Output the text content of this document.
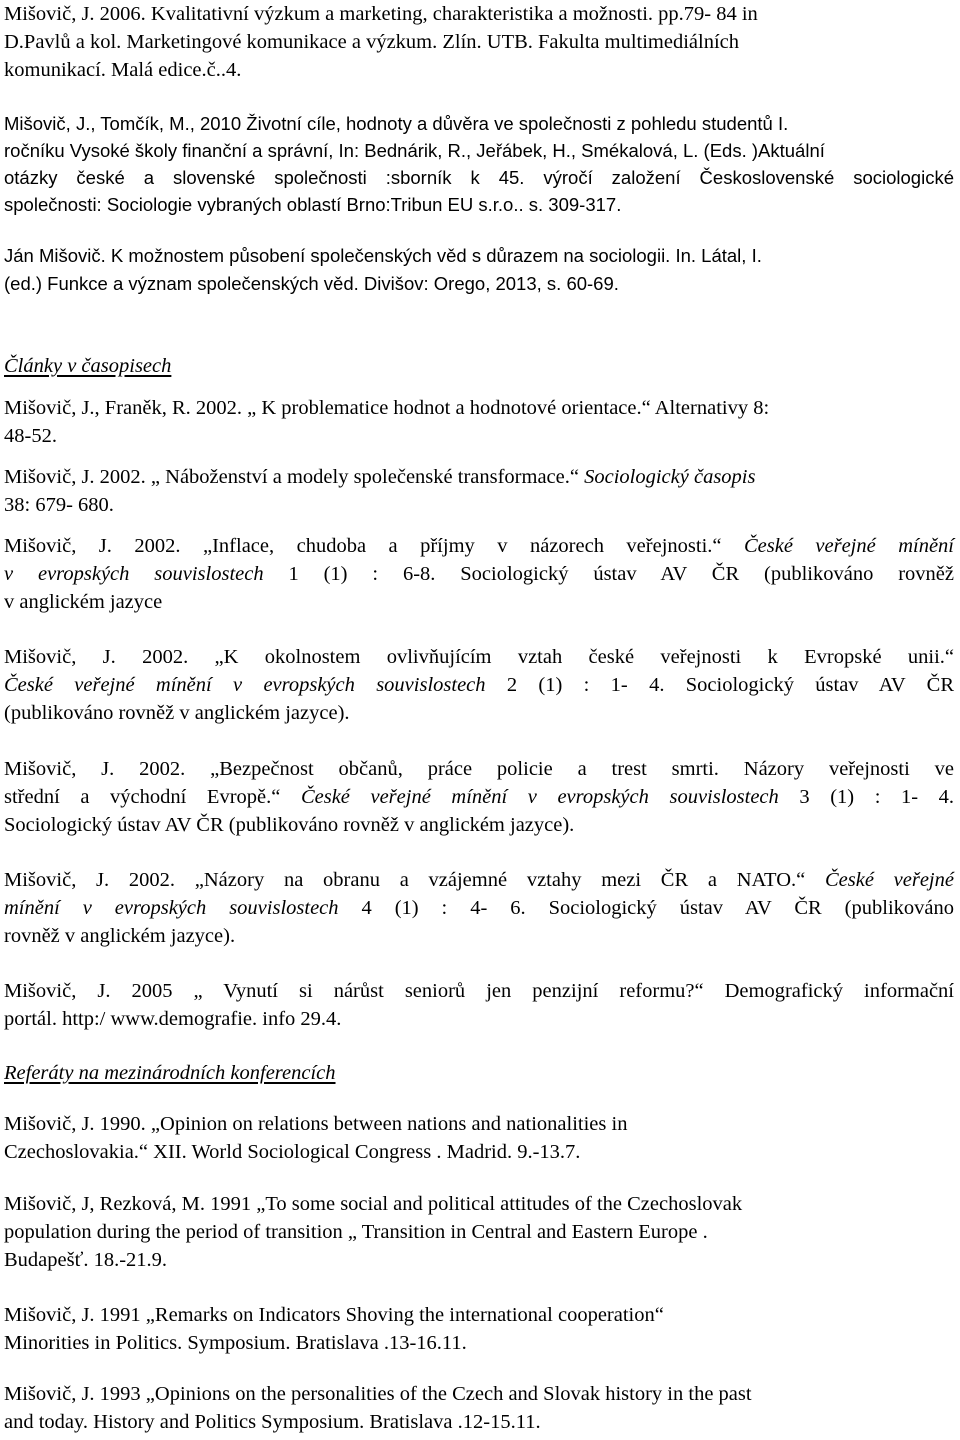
Mišovič, J. 2006. Kvalitativní výzkum a marketing, charakteristika a možnosti. pp.79- 84 in
D.Pavlů a kol. Marketingové komunikace a výzkum. Zlín. UTB. Fakulta multimediálních
komunikací. Malá edice.č..4.
Mišovič, J., Tomčík, M., 2010 Životní cíle, hodnoty a důvěra ve společnosti z pohledu studentů I.
ročníku Vysoké školy finanční a správní, In: Bednárik, R., Jeřábek, H., Smékalová, L. (Eds. )Aktuální
otázky české a slovenské společnosti :sborník k 45. výročí založení Československé sociologické
společnosti: Sociologie vybraných oblastí Brno:Tribun EU s.r.o.. s. 309-317.
Ján Mišovič. K možnostem působení společenských věd s důrazem na sociologii. In. Látal, I.
(ed.) Funkce a význam společenských věd. Divišov: Orego, 2013, s. 60-69.
Články v časopisech
Mišovič, J., Franěk, R. 2002. „ K problematice hodnot a hodnotové orientace.“ Alternativy 8:
48-52.
Mišovič, J. 2002. „ Náboženství a modely společenské transformace.“ Sociologický časopis
38: 679- 680.
Mišovič, J. 2002. „Inflace, chudoba a příjmy v názorech veřejnosti.“ České veřejné mínění
v evropských souvislostech 1 (1) : 6-8. Sociologický ústav AV ČR (publikováno rovněž
v anglickém jazyce
Mišovič, J. 2002. „K okolnostem ovlivňujícím vztah české veřejnosti k Evropské unii.“
České veřejné mínění v evropských souvislostech 2 (1) : 1- 4. Sociologický ústav AV ČR
(publikováno rovněž v anglickém jazyce).
Mišovič, J. 2002. „Bezpečnost občanů, práce policie a trest smrti. Názory veřejnosti ve
střední a východní Evropě.“ České veřejné mínění v evropských souvislostech 3 (1) : 1- 4.
Sociologický ústav AV ČR (publikováno rovněž v anglickém jazyce).
Mišovič, J. 2002. „Názory na obranu a vzájemné vztahy mezi ČR a NATO.“ České veřejné
mínění v evropských souvislostech 4 (1) : 4- 6. Sociologický ústav AV ČR (publikováno
rovněž v anglickém jazyce).
Mišovič, J. 2005 „ Vynutí si nárůst seniorů jen penzijní reformu?“ Demografický informační
portál. http:/ www.demografie. info 29.4.
Referáty na mezinárodních konferencích
Mišovič, J. 1990. „Opinion on relations between nations and nationalities in
Czechoslovakia.“ XII. World Sociological Congress . Madrid. 9.-13.7.
Mišovič, J, Rezková, M. 1991 „To some social and political attitudes of the Czechoslovak
population during the period of transition „ Transition in Central and Eastern Europe .
Budapešť. 18.-21.9.
Mišovič, J. 1991 „Remarks on Indicators Shoving the international cooperation“
Minorities in Politics. Symposium. Bratislava .13-16.11.
Mišovič, J. 1993 „Opinions on the personalities of the Czech and Slovak history in the past
and today. History and Politics Symposium. Bratislava .12-15.11.
